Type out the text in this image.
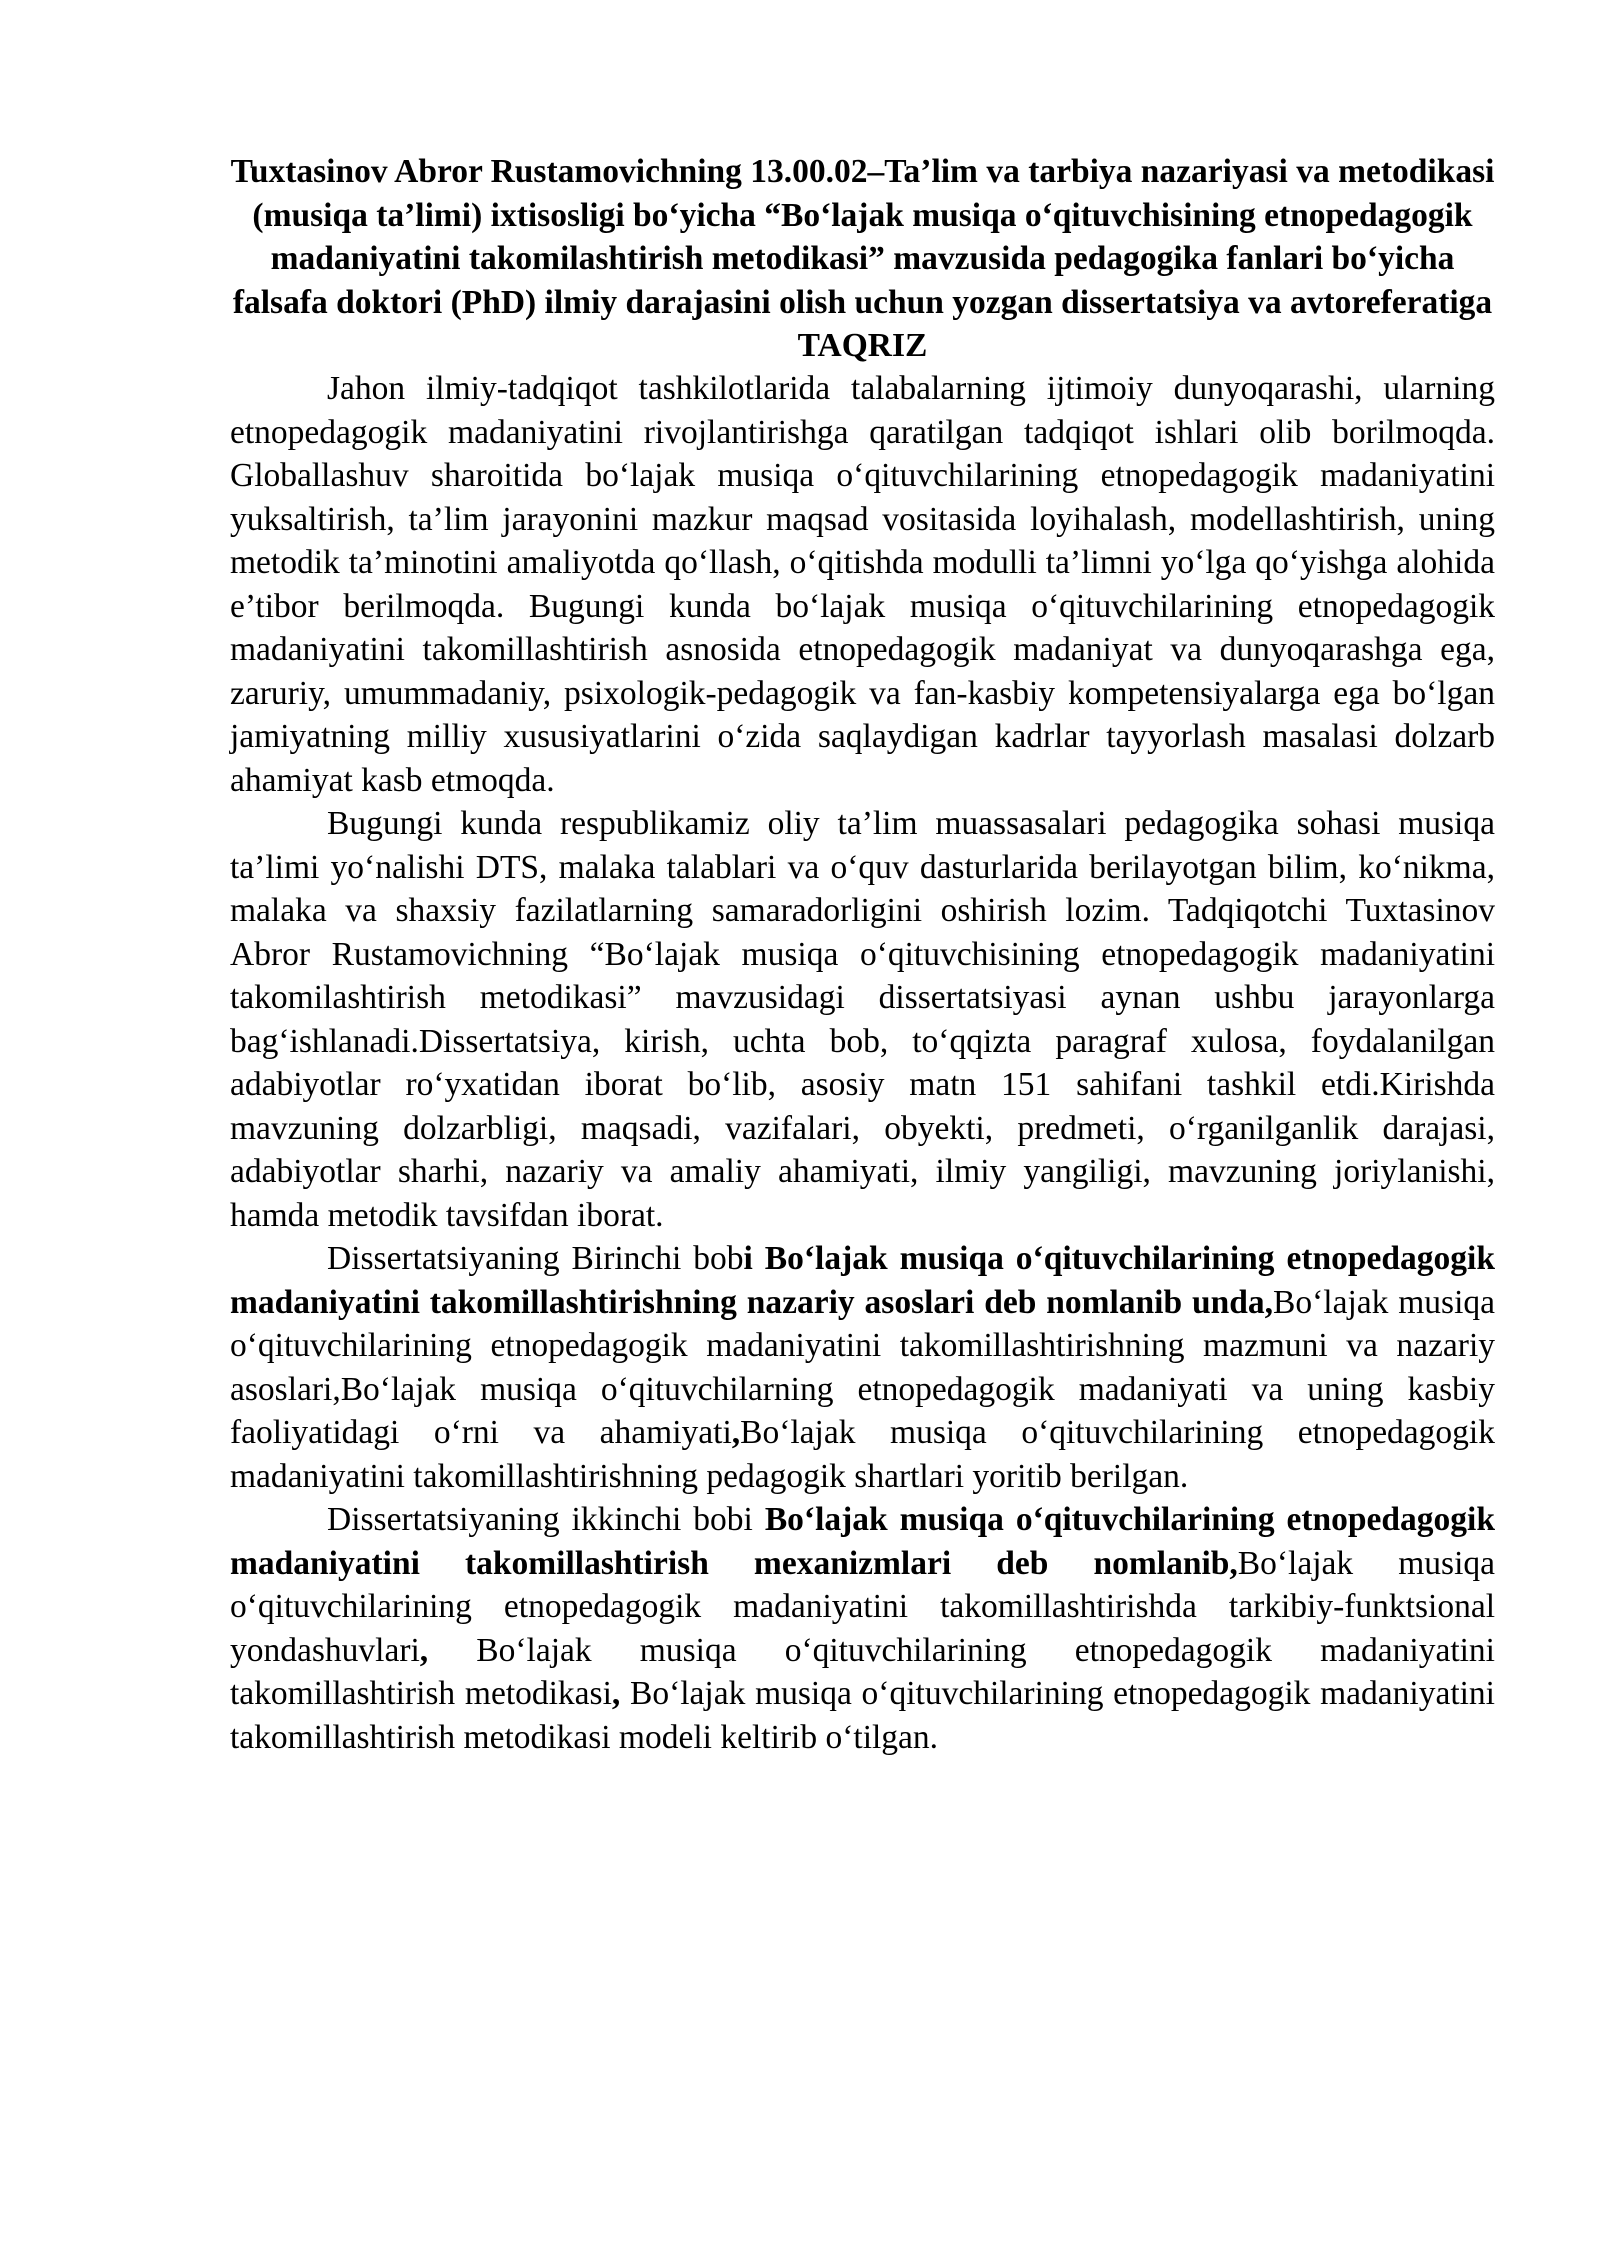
Tuxtasinov Abror Rustamovichning 13.00.02–Ta’lim va tarbiya nazariyasi va metodikasi (musiqa ta’limi) ixtisosligi bo‘yicha “Bo‘lajak musiqa o‘qituvchisining etnopedagogik madaniyatini takomilashtirish metodikasi” mavzusida pedagogika fanlari bo‘yicha falsafa doktori (PhD) ilmiy darajasini olish uchun yozgan dissertatsiya va avtoreferatiga

TAQRIZ

Jahon ilmiy-tadqiqot tashkilotlarida talabalarning ijtimoiy dunyoqarashi, ularning etnopedagogik madaniyatini rivojlantirishga qaratilgan tadqiqot ishlari olib borilmoqda. Globallashuv sharoitida bo‘lajak musiqa o‘qituvchilarining etnopedagogik madaniyatini yuksaltirish, ta’lim jarayonini mazkur maqsad vositasida loyihalash, modellashtirish, uning metodik ta’minotini amaliyotda qo‘llash, o‘qitishda modulli ta’limni yo‘lga qo‘yishga alohida e’tibor berilmoqda. Bugungi kunda bo‘lajak musiqa o‘qituvchilarining etnopedagogik madaniyatini takomillashtirish asnosida etnopedagogik madaniyat va dunyoqarashga ega, zaruriy, umummadaniy, psixologik-pedagogik va fan-kasbiy kompetensiyalarga ega bo‘lgan jamiyatning milliy xususiyatlarini o‘zida saqlaydigan kadrlar tayyorlash masalasi dolzarb ahamiyat kasb etmoqda.

Bugungi kunda respublikamiz oliy ta’lim muassasalari pedagogika sohasi musiqa ta’limi yo‘nalishi DTS, malaka talablari va o‘quv dasturlarida berilayotgan bilim, ko‘nikma, malaka va shaxsiy fazilatlarning samaradorligini oshirish lozim. Tadqiqotchi Tuxtasinov Abror Rustamovichning “Bo‘lajak musiqa o‘qituvchisining etnopedagogik madaniyatini takomilashtirish metodikasi” mavzusidagi dissertatsiyasi aynan ushbu jarayonlarga bag‘ishlanadi.Dissertatsiya, kirish, uchta bob, to‘qqizta paragraf xulosa, foydalanilgan adabiyotlar ro‘yxatidan iborat bo‘lib, asosiy matn 151 sahifani tashkil etdi.Kirishda mavzuning dolzarbligi, maqsadi, vazifalari, obyekti, predmeti, o‘rganilganlik darajasi, adabiyotlar sharhi, nazariy va amaliy ahamiyati, ilmiy yangiligi, mavzuning joriylanishi, hamda metodik tavsifdan iborat.

Dissertatsiyaning Birinchi bobi Bo‘lajak musiqa o‘qituvchilarining etnopedagogik madaniyatini takomillashtirishning nazariy asoslari deb nomlanib unda,Bo‘lajak musiqa o‘qituvchilarining etnopedagogik madaniyatini takomillashtirishning mazmuni va nazariy asoslari,Bo‘lajak musiqa o‘qituvchilarning etnopedagogik madaniyati va uning kasbiy faoliyatidagi o‘rni va ahamiyati,Bo‘lajak musiqa o‘qituvchilarining etnopedagogik madaniyatini takomillashtirishning pedagogik shartlari yoritib berilgan.

Dissertatsiyaning ikkinchi bobi Bo‘lajak musiqa o‘qituvchilarining etnopedagogik madaniyatini takomillashtirish mexanizmlari deb nomlanib,Bo‘lajak musiqa o‘qituvchilarining etnopedagogik madaniyatini takomillashtirishda tarkibiy-funktsional yondashuvlari, Bo‘lajak musiqa o‘qituvchilarining etnopedagogik madaniyatini takomillashtirish metodikasi, Bo‘lajak musiqa o‘qituvchilarining etnopedagogik madaniyatini takomillashtirish metodikasi modeli keltirib o‘tilgan.
